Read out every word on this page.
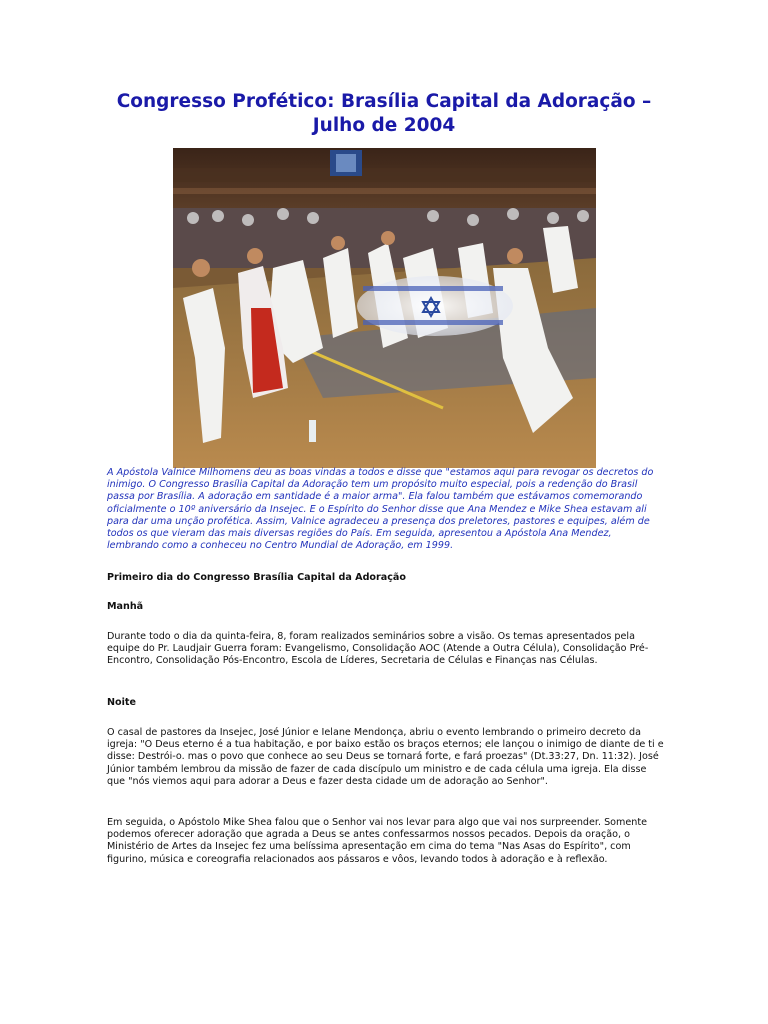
Congresso Profético: Brasília Capital da Adoração – Julho de 2004

A Apóstola Valnice Milhomens deu as boas vindas a todos e disse que "estamos aqui para revogar os decretos do inimigo. O Congresso Brasília Capital da Adoração tem um propósito muito especial, pois a redenção do Brasil passa por Brasília. A adoração em santidade é a maior arma". Ela falou também que estávamos comemorando oficialmente o 10º aniversário da Insejec. E o Espírito do Senhor disse que Ana Mendez e Mike Shea estavam ali para dar uma unção profética. Assim, Valnice agradeceu a presença dos preletores, pastores e equipes, além de todos os que vieram das mais diversas regiões do País. Em seguida, apresentou a Apóstola Ana Mendez, lembrando como a conheceu no Centro Mundial de Adoração, em 1999.

Primeiro dia do Congresso Brasília Capital da Adoração

Manhã

Durante todo o dia da quinta-feira, 8, foram realizados seminários sobre a visão. Os temas apresentados pela equipe do Pr. Laudjair Guerra foram: Evangelismo, Consolidação AOC (Atende a Outra Célula), Consolidação Pré-Encontro, Consolidação Pós-Encontro, Escola de Líderes, Secretaria de Células e Finanças nas Células.

Noite

O casal de pastores da Insejec, José Júnior e Ielane Mendonça, abriu o evento lembrando o primeiro decreto da igreja: "O Deus eterno é a tua habitação, e por baixo estão os braços eternos; ele lançou o inimigo de diante de ti e disse: Destrói-o. mas o povo que conhece ao seu Deus se tornará forte, e fará proezas" (Dt.33:27, Dn. 11:32). José Júnior também lembrou da missão de fazer de cada discípulo um ministro e de cada célula uma igreja. Ela disse que "nós viemos aqui para adorar a Deus e fazer desta cidade um de adoração ao Senhor".

Em seguida, o Apóstolo Mike Shea falou que o Senhor vai nos levar para algo que vai nos surpreender. Somente podemos oferecer adoração que agrada a Deus se antes confessarmos nossos pecados. Depois da oração, o Ministério de Artes da Insejec fez uma belíssima apresentação em cima do tema "Nas Asas do Espírito", com figurino, música e coreografia relacionados aos pássaros e vôos, levando todos à adoração e à reflexão.
